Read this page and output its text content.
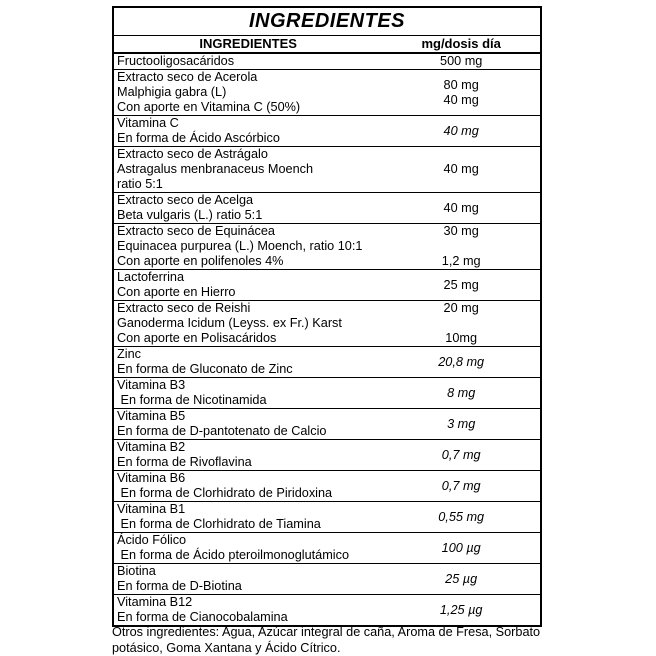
INGREDIENTES
INGREDIENTES	mg/dosis día
Fructooligosacáridos	500 mg
Extracto seco de Acerola
Malphigia gabra (L)
Con aporte en Vitamina C (50%)
80 mg
40 mg
Vitamina C
En forma de Ácido Ascórbico
40 mg
Extracto seco de Astrágalo
Astragalus menbranaceus Moench
ratio 5:1
40 mg
Extracto seco de Acelga
Beta vulgaris (L.) ratio 5:1
40 mg
Extracto seco de Equinácea
Equinacea purpurea (L.) Moench, ratio 10:1
Con aporte en polifenoles 4%
30 mg
1,2 mg
Lactoferrina
Con aporte en Hierro
25 mg
Extracto seco de Reishi
Ganoderma Icidum (Leyss. ex Fr.) Karst
Con aporte en Polisacáridos
20 mg
10mg
Zinc
En forma de Gluconato de Zinc
20,8 mg
Vitamina B3
En forma de Nicotinamida
8 mg
Vitamina B5
En forma de D-pantotenato de Calcio
3 mg
Vitamina B2
En forma de Rivoflavina
0,7 mg
Vitamina B6
En forma de Clorhidrato de Piridoxina
0,7 mg
Vitamina B1
En forma de Clorhidrato de Tiamina
0,55 mg
Ácido Fólico
En forma de Ácido pteroilmonoglutámico
100 µg
Biotina
En forma de D-Biotina
25 µg
Vitamina B12
En forma de Cianocobalamina
1,25 µg
Otros ingredientes: Agua, Azúcar integral de caña, Aroma de Fresa, Sorbato potásico, Goma Xantana y Ácido Cítrico.
